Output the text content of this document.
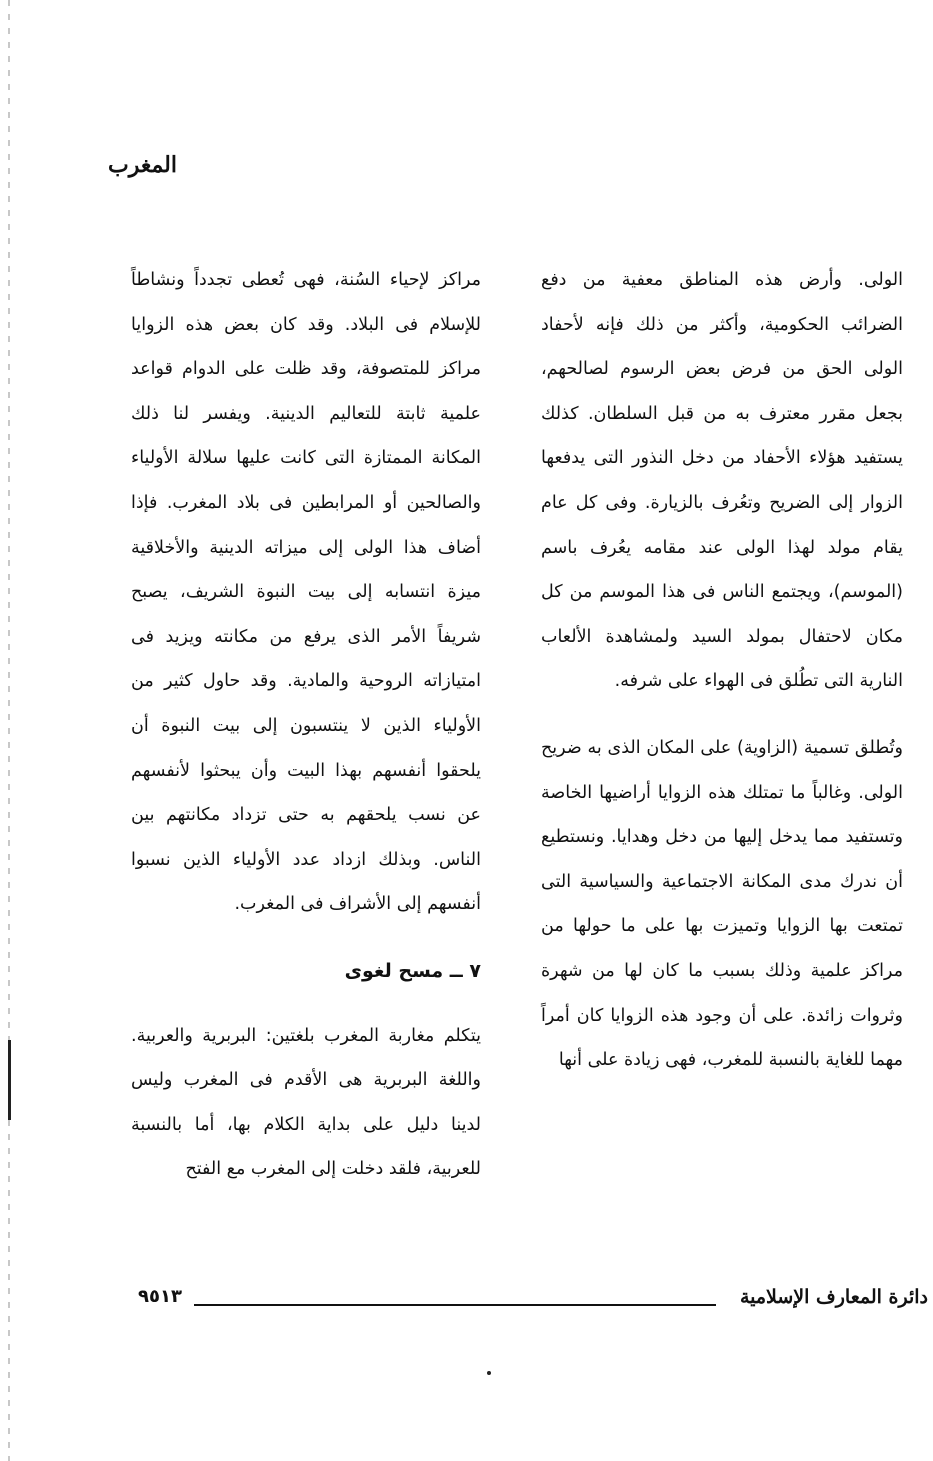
المغرب

الولى. وأرض هذه المناطق معفية من دفع الضرائب الحكومية، وأكثر من ذلك فإنه لأحفاد الولى الحق من فرض بعض الرسوم لصالحهم، بجعل مقرر معترف به من قبل السلطان. كذلك يستفيد هؤلاء الأحفاد من دخل النذور التى يدفعها الزوار إلى الضريح وتعُرف بالزيارة. وفى كل عام يقام مولد لهذا الولى عند مقامه يعُرف باسم (الموسم)، ويجتمع الناس فى هذا الموسم من كل مكان لاحتفال بمولد السيد ولمشاهدة الألعاب النارية التى تطُلق فى الهواء على شرفه.

وتُطلق تسمية (الزاوية) على المكان الذى به ضريح الولى. وغالباً ما تمتلك هذه الزوايا أراضيها الخاصة وتستفيد مما يدخل إليها من دخل وهدايا. ونستطيع أن ندرك مدى المكانة الاجتماعية والسياسية التى تمتعت بها الزوايا وتميزت بها على ما حولها من مراكز علمية وذلك بسبب ما كان لها من شهرة وثروات زائدة. على أن وجود هذه الزوايا كان أمراً مهما للغاية بالنسبة للمغرب، فهى زيادة على أنها

مراكز لإحياء السُنة، فهى تُعطى تجدداً ونشاطاً للإسلام فى البلاد. وقد كان بعض هذه الزوايا مراكز للمتصوفة، وقد ظلت على الدوام قواعد علمية ثابتة للتعاليم الدينية. ويفسر لنا ذلك المكانة الممتازة التى كانت عليها سلالة الأولياء والصالحين أو المرابطين فى بلاد المغرب. فإذا أضاف هذا الولى إلى ميزاته الدينية والأخلاقية ميزة انتسابه إلى بيت النبوة الشريف، يصبح شريفاً الأمر الذى يرفع من مكانته ويزيد فى امتيازاته الروحية والمادية. وقد حاول كثير من الأولياء الذين لا ينتسبون إلى بيت النبوة أن يلحقوا أنفسهم بهذا البيت وأن يبحثوا لأنفسهم عن نسب يلحقهم به حتى تزداد مكانتهم بين الناس. وبذلك ازداد عدد الأولياء الذين نسبوا أنفسهم إلى الأشراف فى المغرب.

٧ ــ مسح لغوى

يتكلم مغاربة المغرب بلغتين: البربرية والعربية. واللغة البربرية هى الأقدم فى المغرب وليس لدينا دليل على بداية الكلام بها، أما بالنسبة للعربية، فلقد دخلت إلى المغرب مع الفتح

دائرة المعارف الإسلامية
٩٥١٣
